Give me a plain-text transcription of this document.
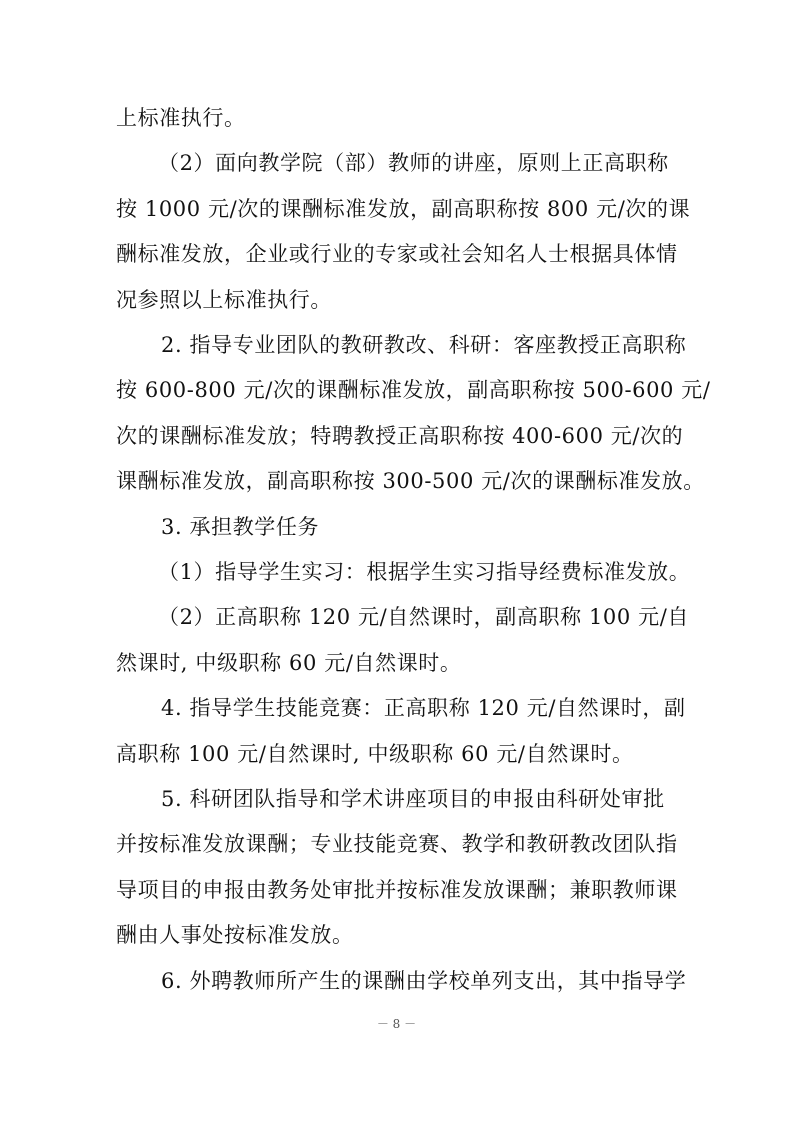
上标准执行。
（2）面向教学院（部）教师的讲座，原则上正高职称
按 1000 元/次的课酬标准发放，副高职称按 800 元/次的课
酬标准发放，企业或行业的专家或社会知名人士根据具体情
况参照以上标准执行。
2. 指导专业团队的教研教改、科研：客座教授正高职称
按 600-800 元/次的课酬标准发放，副高职称按 500-600 元/
次的课酬标准发放；特聘教授正高职称按 400-600 元/次的
课酬标准发放，副高职称按 300-500 元/次的课酬标准发放。
3. 承担教学任务
（1）指导学生实习：根据学生实习指导经费标准发放。
（2）正高职称 120 元/自然课时，副高职称 100 元/自
然课时, 中级职称 60 元/自然课时。
4. 指导学生技能竞赛：正高职称 120 元/自然课时，副
高职称 100 元/自然课时, 中级职称 60 元/自然课时。
5. 科研团队指导和学术讲座项目的申报由科研处审批
并按标准发放课酬；专业技能竞赛、教学和教研教改团队指
导项目的申报由教务处审批并按标准发放课酬；兼职教师课
酬由人事处按标准发放。
6. 外聘教师所产生的课酬由学校单列支出，其中指导学
－ 8 －
